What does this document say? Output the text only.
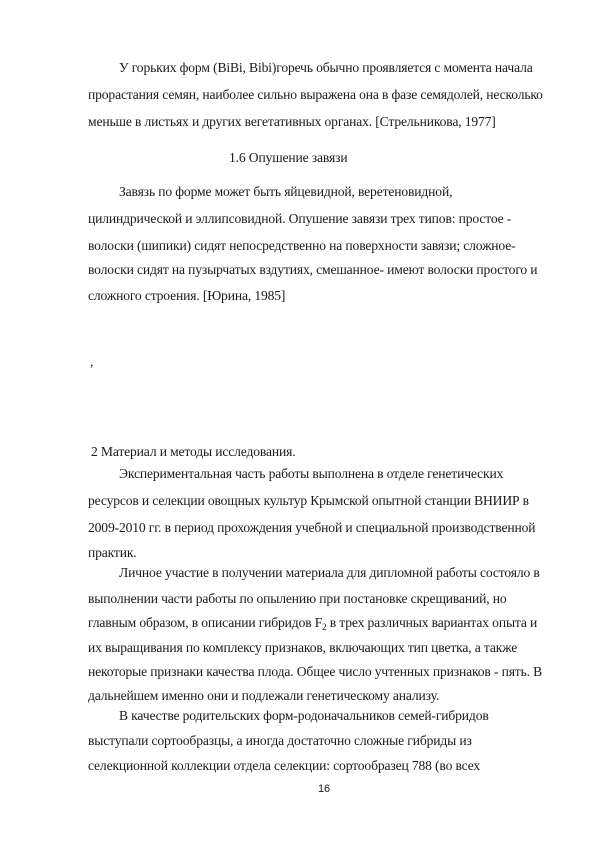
У горьких форм (BiBi, Bibi)горечь обычно проявляется с момента начала
прорастания семян, наиболее сильно выражена она в фазе семядолей, несколько
меньше в листьях и других вегетативных органах. [Стрельникова, 1977]
1.6 Опушение завязи
Завязь по форме может быть яйцевидной, веретеновидной,
цилиндрической и эллипсовидной. Опушение завязи трех типов: простое -
волоски (шипики) сидят непосредственно на поверхности завязи; сложное-
волоски сидят на пузырчатых вздутиях, смешанное- имеют волоски простого и
сложного строения. [Юрина, 1985]
,
2 Материал и методы исследования.
Экспериментальная часть работы выполнена в отделе генетических
ресурсов и селекции овощных культур Крымской опытной станции ВНИИР в
2009-2010 гг. в период прохождения учебной и специальной производственной
практик.
Личное участие в получении материала для дипломной работы состояло в
выполнении части работы по опылению при постановке скрещиваний, но
главным образом, в описании гибридов $F_2$ в трех различных вариантах опыта и
их выращивания по комплексу признаков, включающих тип цветка, а также
некоторые признаки качества плода. Общее число учтенных признаков - пять. В
дальнейшем именно они и подлежали генетическому анализу.
В качестве родительских форм-родоначальников семей-гибридов
выступали сортообразцы, а иногда достаточно сложные гибриды из
селекционной коллекции отдела селекции: сортообразец 788 (во всех
16
